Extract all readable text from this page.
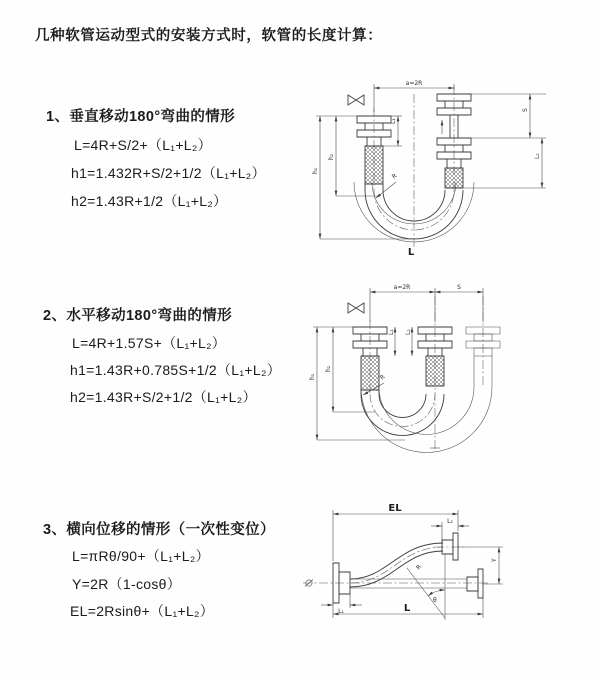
几种软管运动型式的安装方式时，软管的长度计算：
1、垂直移动180°弯曲的情形
L=4R+S/2+（L₁+L₂）
h1=1.432R+S/2+1/2（L₁+L₂）
h2=1.43R+1/2（L₁+L₂）
2、水平移动180°弯曲的情形
L=4R+1.57S+（L₁+L₂）
h1=1.43R+0.785S+1/2（L₁+L₂）
h2=1.43R+S/2+1/2（L₁+L₂）
3、横向位移的情形（一次性变位）
L=πRθ/90+（L₁+L₂）
Y=2R（1-cosθ）
EL=2Rsinθ+（L₁+L₂）
a=2R
L₁
S
L₂
h₁
h₂
R
L
a=2R	S
L₁ L₂
h₁
h₂
R
EL
L₂
Y
θ
R
L
L₁
